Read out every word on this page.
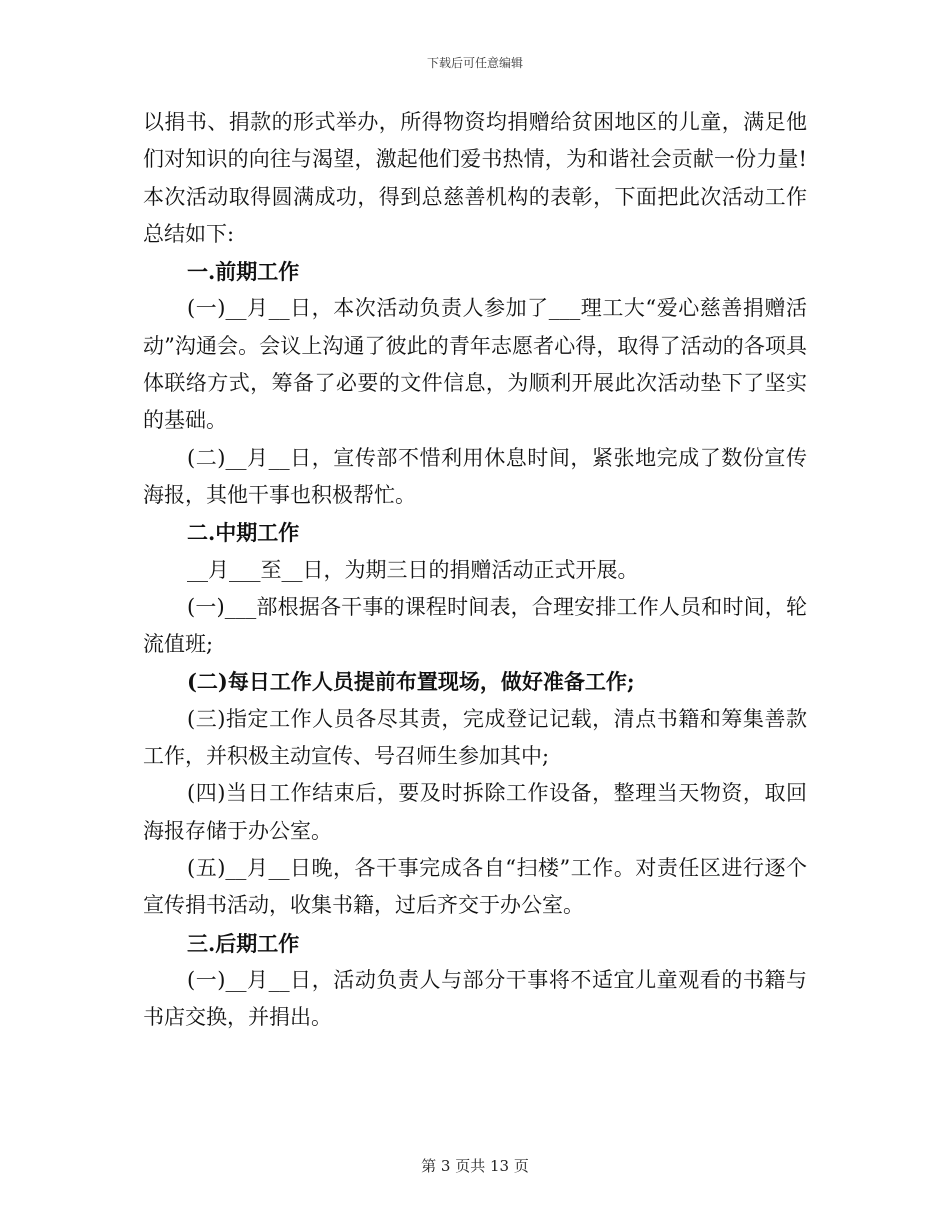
下载后可任意编辑

以捐书、捐款的形式举办，所得物资均捐赠给贫困地区的儿童，满足他们对知识的向往与渴望，激起他们爱书热情，为和谐社会贡献一份力量!本次活动取得圆满成功，得到总慈善机构的表彰，下面把此次活动工作总结如下:

一.前期工作

(一)__月__日，本次活动负责人参加了___理工大“爱心慈善捐赠活动”沟通会。会议上沟通了彼此的青年志愿者心得，取得了活动的各项具体联络方式，筹备了必要的文件信息，为顺利开展此次活动垫下了坚实的基础。

(二)__月__日，宣传部不惜利用休息时间，紧张地完成了数份宣传海报，其他干事也积极帮忙。

二.中期工作

__月___至__日，为期三日的捐赠活动正式开展。

(一)___部根据各干事的课程时间表，合理安排工作人员和时间，轮流值班;

(二)每日工作人员提前布置现场，做好准备工作;

(三)指定工作人员各尽其责，完成登记记载，清点书籍和筹集善款工作，并积极主动宣传、号召师生参加其中;

(四)当日工作结束后，要及时拆除工作设备，整理当天物资，取回海报存储于办公室。

(五)__月__日晚，各干事完成各自“扫楼”工作。对责任区进行逐个宣传捐书活动，收集书籍，过后齐交于办公室。

三.后期工作

(一)__月__日，活动负责人与部分干事将不适宜儿童观看的书籍与书店交换，并捐出。

第 3 页共 13 页
